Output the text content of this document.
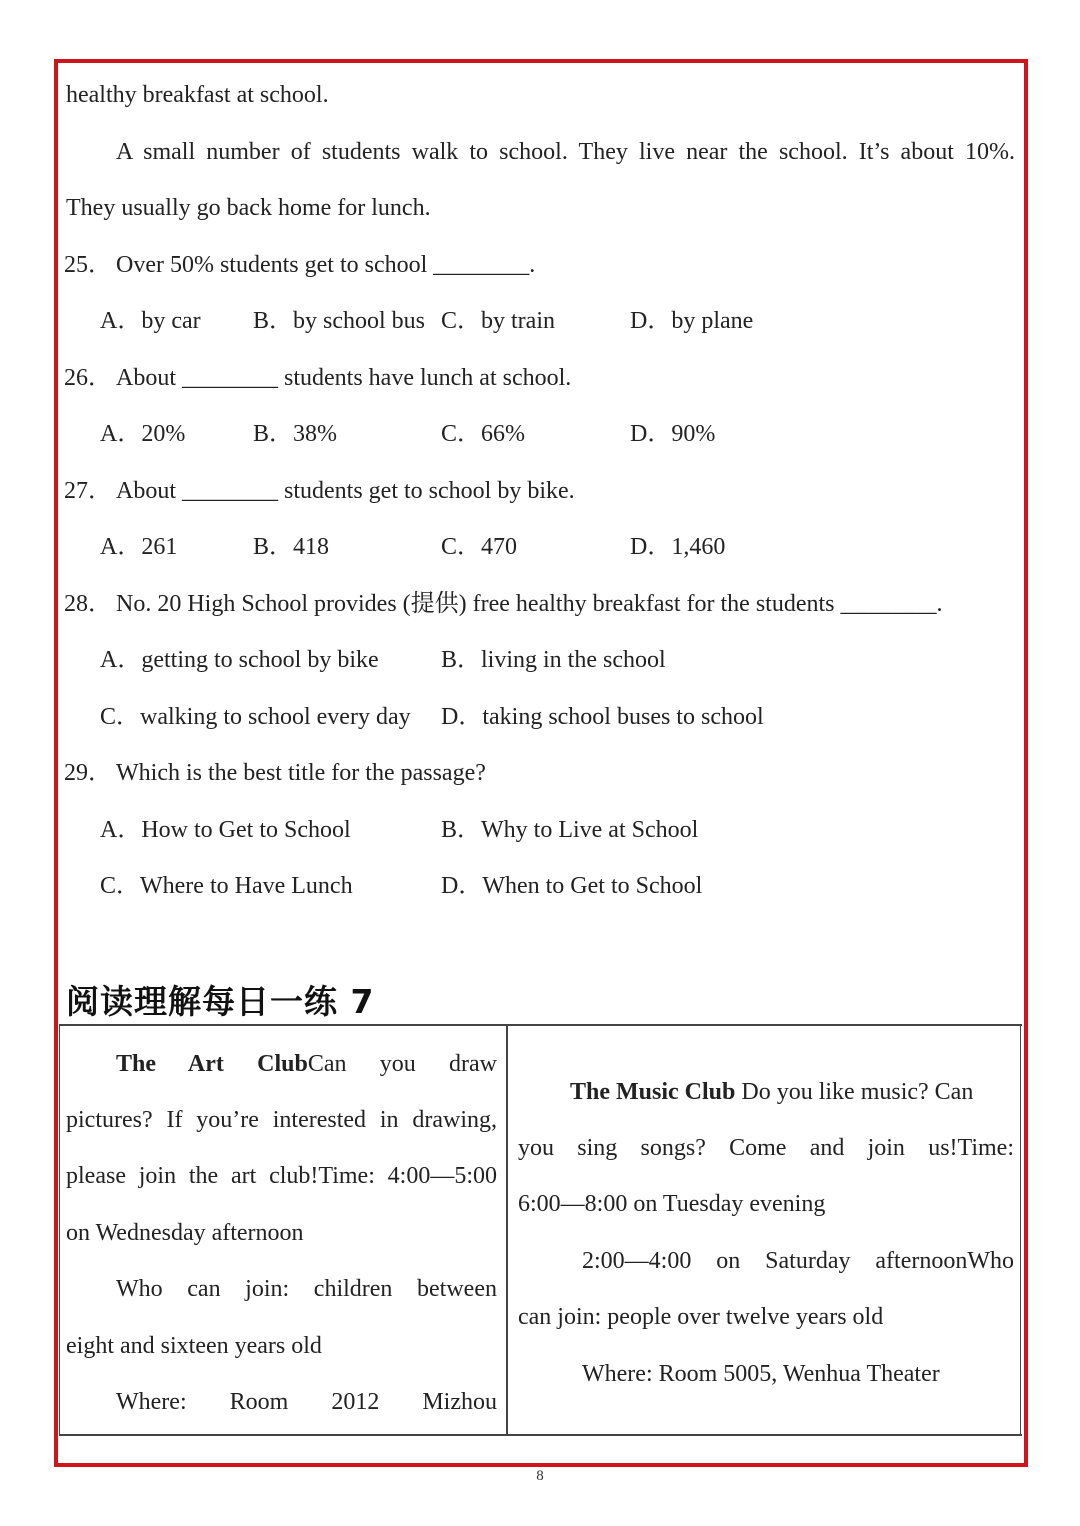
healthy breakfast at school.
A small number of students walk to school. They live near the school. It’s about 10%.
They usually go back home for lunch.
25． Over 50% students get to school ________.
A．by car B．by school bus C．by train	D．by plane
26． About ________ students have lunch at school.
A．20%	B．38%	C．66%	D．90%
27． About ________ students get to school by bike.
A．261	B．418	C．470	D．1,460
28． No. 20 High School provides (提供) free healthy breakfast for the students ________.
A．getting to school by bike	B．living in the school
C．walking to school every day D．taking school buses to school
29． Which is the best title for the passage?
A．How to Get to School	B．Why to Live at School
C．Where to Have Lunch	D．When to Get to School
阅读理解每日一练 7
The Art ClubCan you draw
pictures? If you’re interested in drawing,
please join the art club!Time: 4:00—5:00
on Wednesday afternoon
Who can join: children between
eight and sixteen years old
Where: Room 2012 Mizhou
The Music Club Do you like music? Can
you sing songs? Come and join us!Time:
6:00—8:00 on Tuesday evening
2:00—4:00 on Saturday afternoonWho
can join: people over twelve years old
Where: Room 5005, Wenhua Theater
8
